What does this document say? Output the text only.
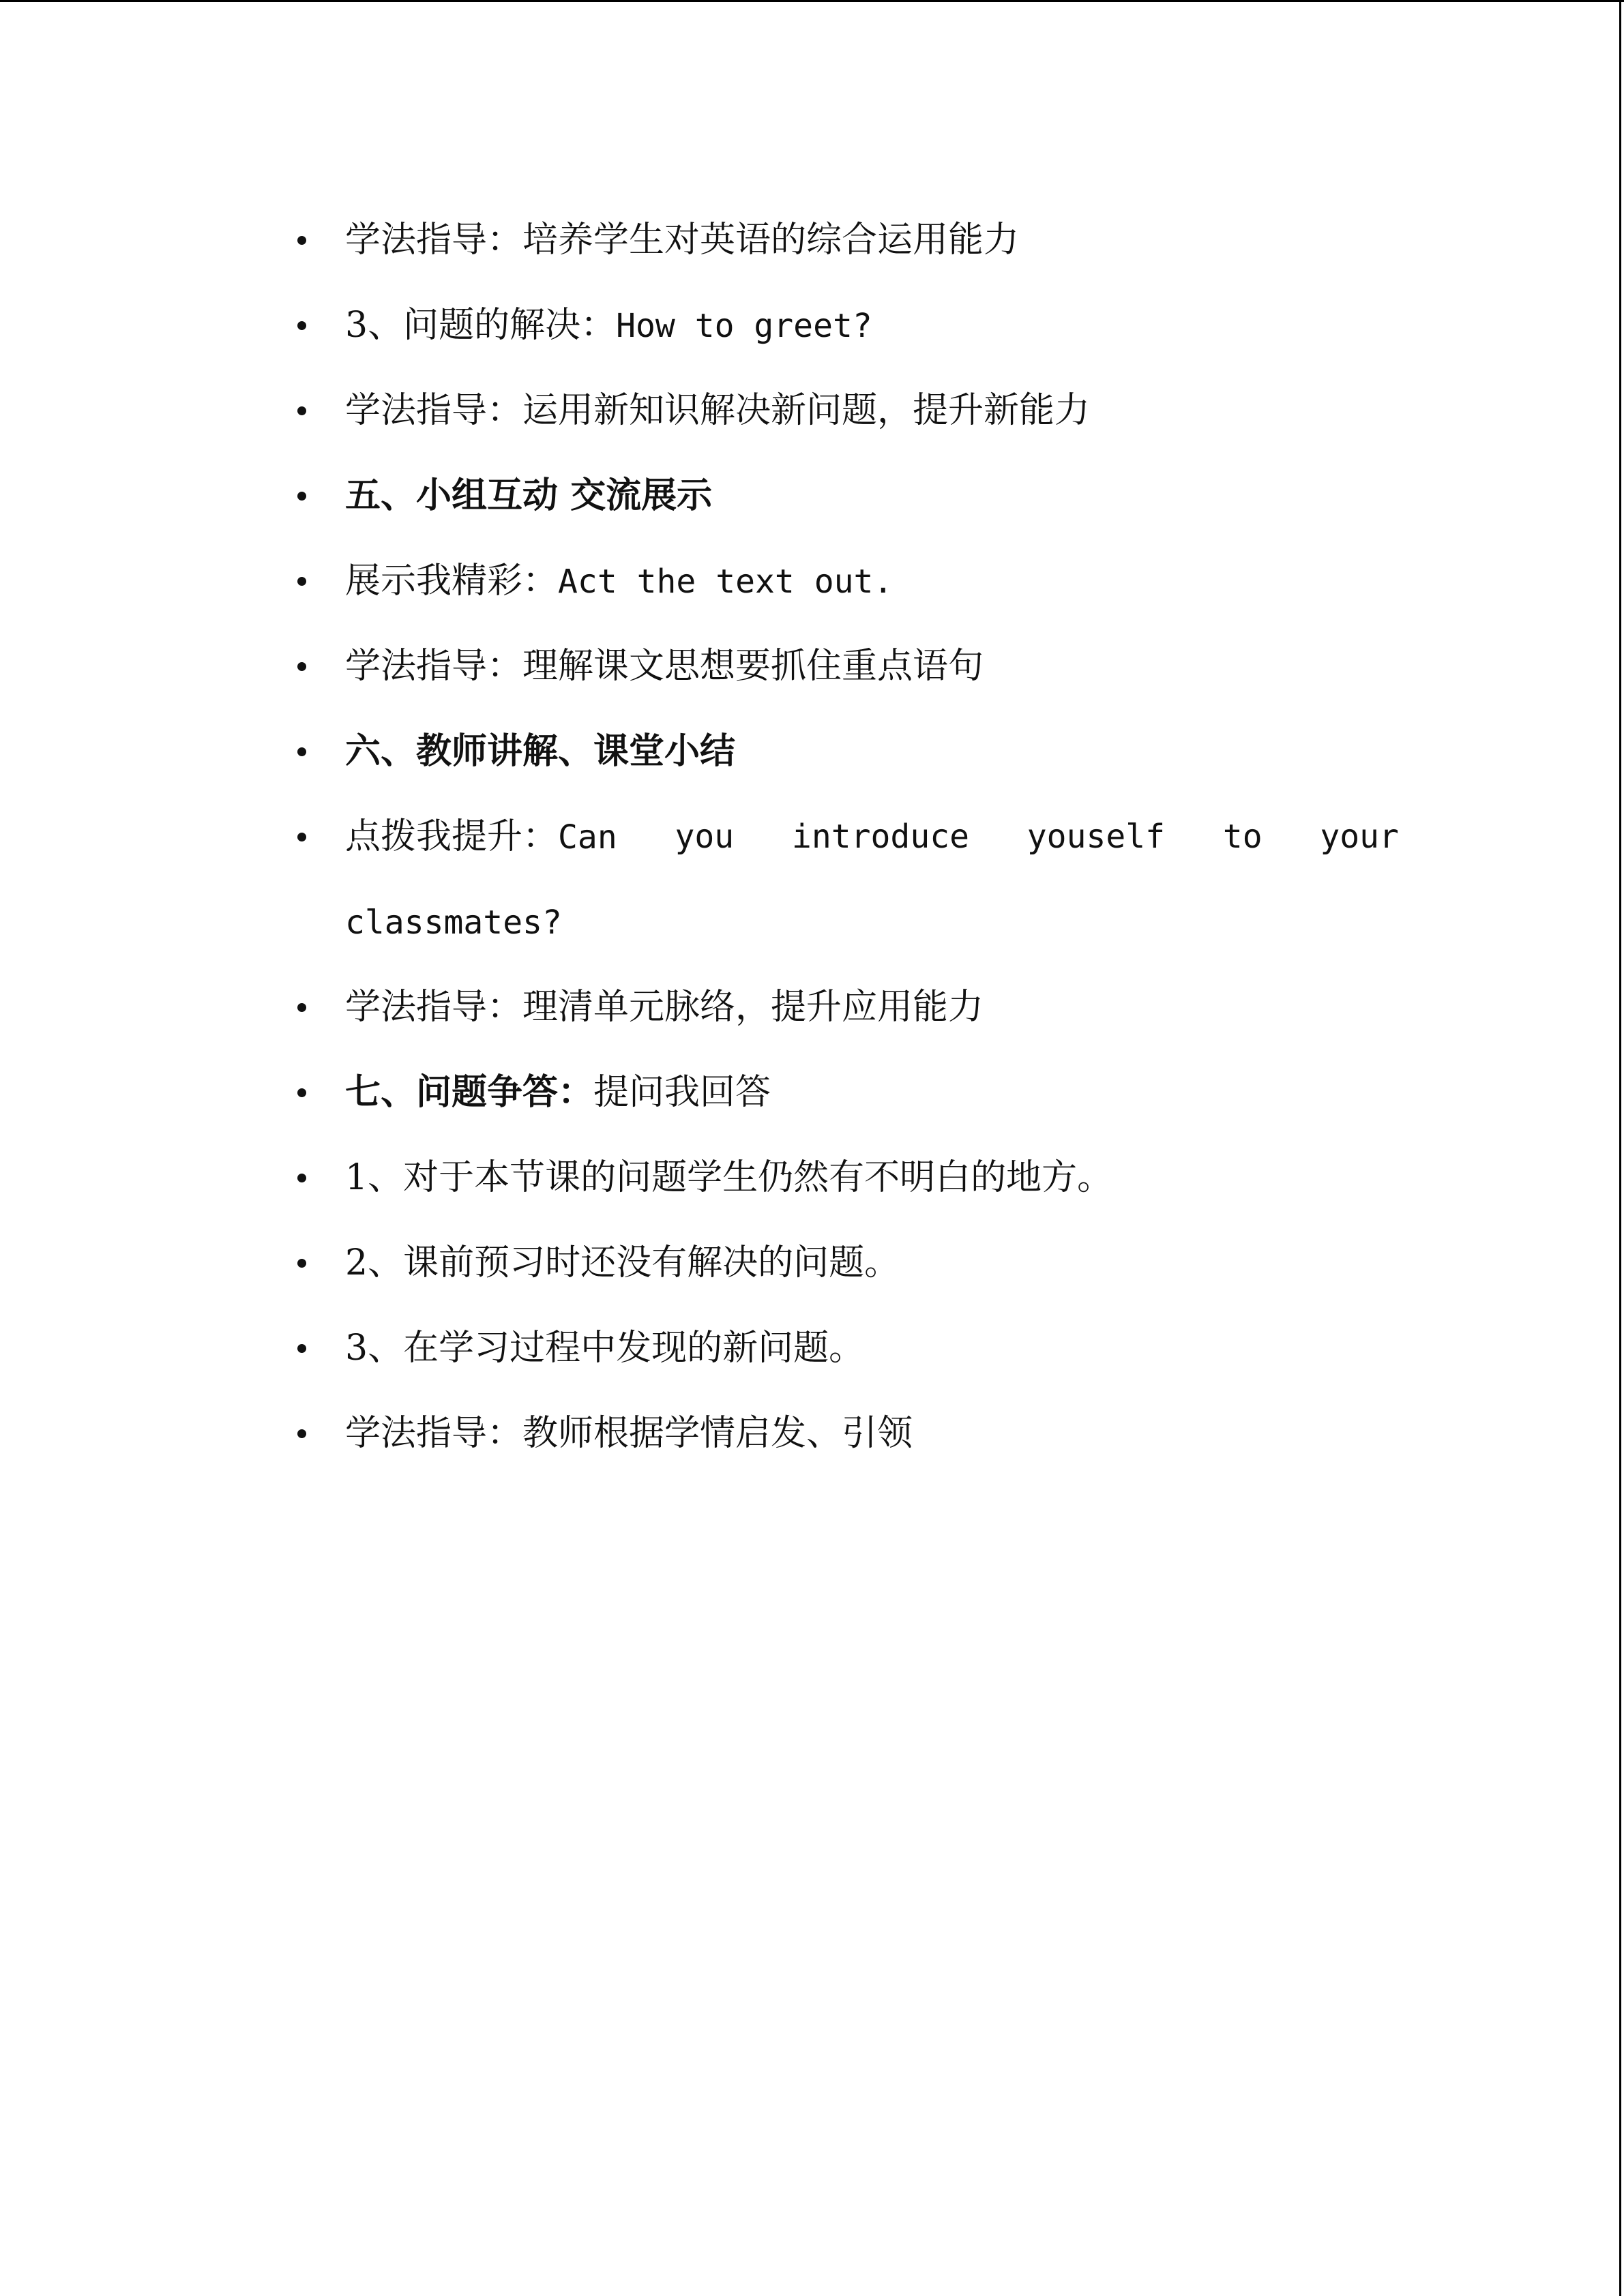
学法指导：培养学生对英语的综合运用能力
3、问题的解决：How to greet?
学法指导：运用新知识解决新问题，提升新能力
五、小组互动 交流展示
展示我精彩：Act the text out.
学法指导：理解课文思想要抓住重点语句
六、教师讲解、课堂小结
点拨我提升：Can you introduce youself to your
classmates?
学法指导：理清单元脉络，提升应用能力
七、问题争答：提问我回答
1、对于本节课的问题学生仍然有不明白的地方。
2、课前预习时还没有解决的问题。
3、在学习过程中发现的新问题。
学法指导：教师根据学情启发、引领
